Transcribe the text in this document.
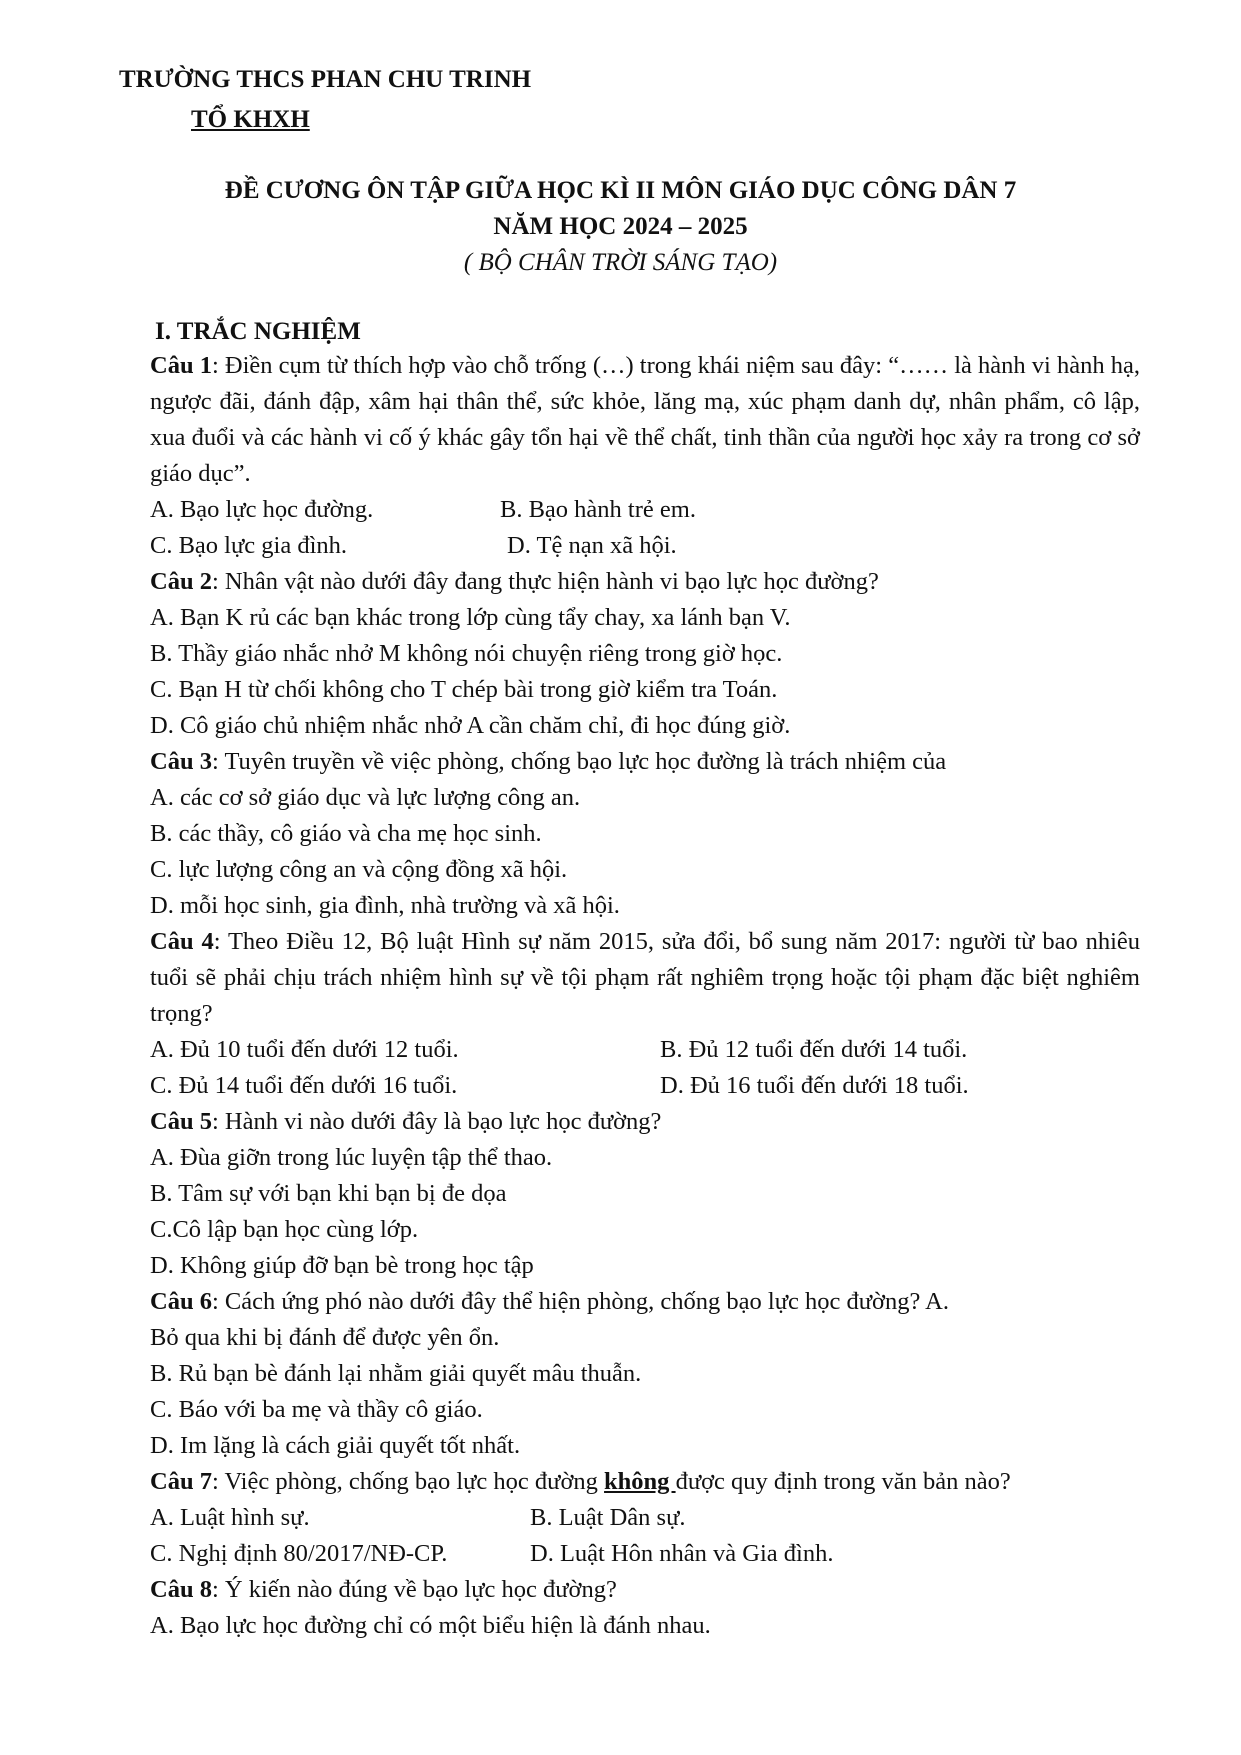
TRƯỜNG THCS PHAN CHU TRINH
TỔ KHXH
ĐỀ CƯƠNG ÔN TẬP GIỮA HỌC KÌ II MÔN GIÁO DỤC CÔNG DÂN 7
NĂM HỌC 2024 – 2025
( BỘ CHÂN TRỜI SÁNG TẠO)
I. TRẮC NGHIỆM
Câu 1: Điền cụm từ thích hợp vào chỗ trống (…) trong khái niệm sau đây: “…… là hành vi hành hạ, ngược đãi, đánh đập, xâm hại thân thể, sức khỏe, lăng mạ, xúc phạm danh dự, nhân phẩm, cô lập, xua đuổi và các hành vi cố ý khác gây tổn hại về thể chất, tinh thần của người học xảy ra trong cơ sở giáo dục”.
A. Bạo lực học đường.	B. Bạo hành trẻ em.
C. Bạo lực gia đình.	D. Tệ nạn xã hội.
Câu 2: Nhân vật nào dưới đây đang thực hiện hành vi bạo lực học đường?
A. Bạn K rủ các bạn khác trong lớp cùng tẩy chay, xa lánh bạn V.
B. Thầy giáo nhắc nhở M không nói chuyện riêng trong giờ học.
C. Bạn H từ chối không cho T chép bài trong giờ kiểm tra Toán.
D. Cô giáo chủ nhiệm nhắc nhở A cần chăm chỉ, đi học đúng giờ.
Câu 3: Tuyên truyền về việc phòng, chống bạo lực học đường là trách nhiệm của
A. các cơ sở giáo dục và lực lượng công an.
B. các thầy, cô giáo và cha mẹ học sinh.
C. lực lượng công an và cộng đồng xã hội.
D. mỗi học sinh, gia đình, nhà trường và xã hội.
Câu 4: Theo Điều 12, Bộ luật Hình sự năm 2015, sửa đổi, bổ sung năm 2017: người từ bao nhiêu tuổi sẽ phải chịu trách nhiệm hình sự về tội phạm rất nghiêm trọng hoặc tội phạm đặc biệt nghiêm trọng?
A. Đủ 10 tuổi đến dưới 12 tuổi.	B. Đủ 12 tuổi đến dưới 14 tuổi.
C. Đủ 14 tuổi đến dưới 16 tuổi.	D. Đủ 16 tuổi đến dưới 18 tuổi.
Câu 5: Hành vi nào dưới đây là bạo lực học đường?
A. Đùa giỡn trong lúc luyện tập thể thao.
B. Tâm sự với bạn khi bạn bị đe dọa
C.Cô lập bạn học cùng lớp.
D. Không giúp đỡ bạn bè trong học tập
Câu 6: Cách ứng phó nào dưới đây thể hiện phòng, chống bạo lực học đường? A.
Bỏ qua khi bị đánh để được yên ổn.
B. Rủ bạn bè đánh lại nhằm giải quyết mâu thuẫn.
C. Báo với ba mẹ và thầy cô giáo.
D. Im lặng là cách giải quyết tốt nhất.
Câu 7: Việc phòng, chống bạo lực học đường không được quy định trong văn bản nào?
A. Luật hình sự.	B. Luật Dân sự.
C. Nghị định 80/2017/NĐ-CP.	D. Luật Hôn nhân và Gia đình.
Câu 8: Ý kiến nào đúng về bạo lực học đường?
A. Bạo lực học đường chỉ có một biểu hiện là đánh nhau.
